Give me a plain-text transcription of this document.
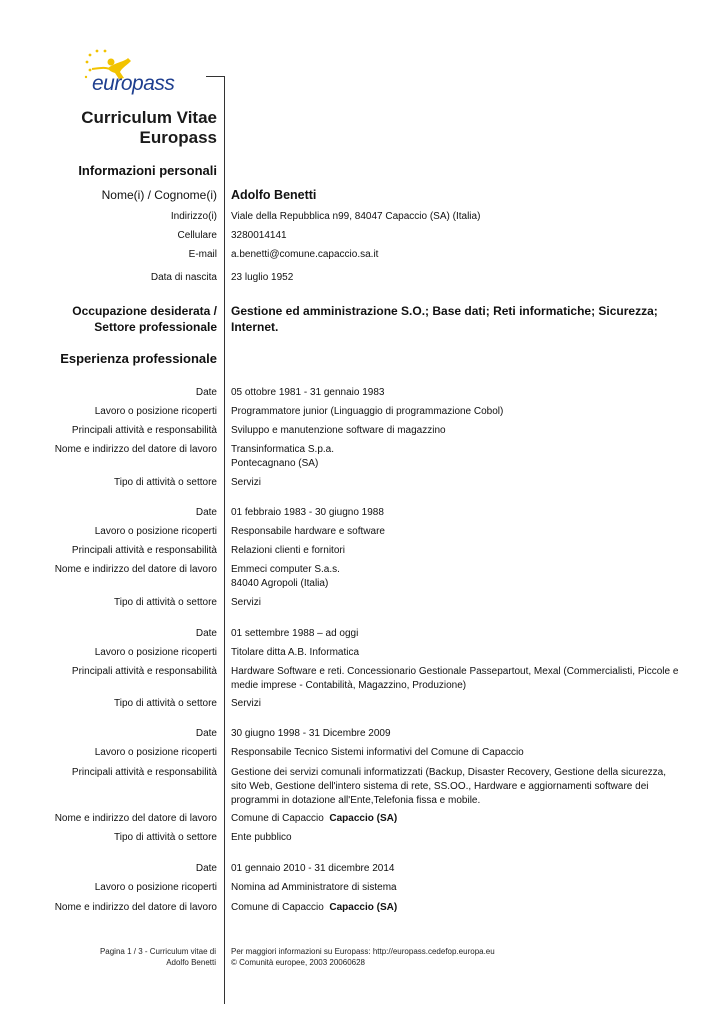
europass
Curriculum Vitae
Europass
Informazioni personali
Nome(i) / Cognome(i) Adolfo Benetti
Indirizzo(i) Viale della Repubblica n99, 84047 Capaccio (SA) (Italia)
Cellulare 3280014141
E-mail a.benetti@comune.capaccio.sa.it
Data di nascita 23 luglio 1952
Occupazione desiderata /
Settore professionale
Gestione ed amministrazione S.O.; Base dati; Reti informatiche; Sicurezza;
Internet.
Esperienza professionale
Date 05 ottobre 1981 - 31 gennaio 1983
Lavoro o posizione ricoperti Programmatore junior (Linguaggio di programmazione Cobol)
Principali attività e responsabilità Sviluppo e manutenzione software di magazzino
Nome e indirizzo del datore di lavoro Transinformatica S.p.a.
Pontecagnano (SA)
Tipo di attività o settore Servizi
Date 01 febbraio 1983 - 30 giugno 1988
Lavoro o posizione ricoperti Responsabile hardware e software
Principali attività e responsabilità Relazioni clienti e fornitori
Nome e indirizzo del datore di lavoro Emmeci computer S.a.s.
84040 Agropoli (Italia)
Tipo di attività o settore Servizi
Date 01 settembre 1988 – ad oggi
Lavoro o posizione ricoperti Titolare ditta A.B. Informatica
Principali attività e responsabilità Hardware Software e reti. Concessionario Gestionale Passepartout, Mexal (Commercialisti, Piccole e
medie imprese - Contabilità, Magazzino, Produzione)
Tipo di attività o settore Servizi
Date 30 giugno 1998 - 31 Dicembre 2009
Lavoro o posizione ricoperti Responsabile Tecnico Sistemi informativi del Comune di Capaccio
Principali attività e responsabilità Gestione dei servizi comunali informatizzati (Backup, Disaster Recovery, Gestione della sicurezza,
sito Web, Gestione dell'intero sistema di rete, SS.OO., Hardware e aggiornamenti software dei
programmi in dotazione all'Ente,Telefonia fissa e mobile.
Nome e indirizzo del datore di lavoro Comune di Capaccio Capaccio (SA)
Tipo di attività o settore Ente pubblico
Date 01 gennaio 2010 - 31 dicembre 2014
Lavoro o posizione ricoperti Nomina ad Amministratore di sistema
Nome e indirizzo del datore di lavoro Comune di Capaccio Capaccio (SA)
Pagina 1 / 3 - Curriculum vitae di
Adolfo Benetti
Per maggiori informazioni su Europass: http://europass.cedefop.europa.eu
© Comunità europee, 2003 20060628
